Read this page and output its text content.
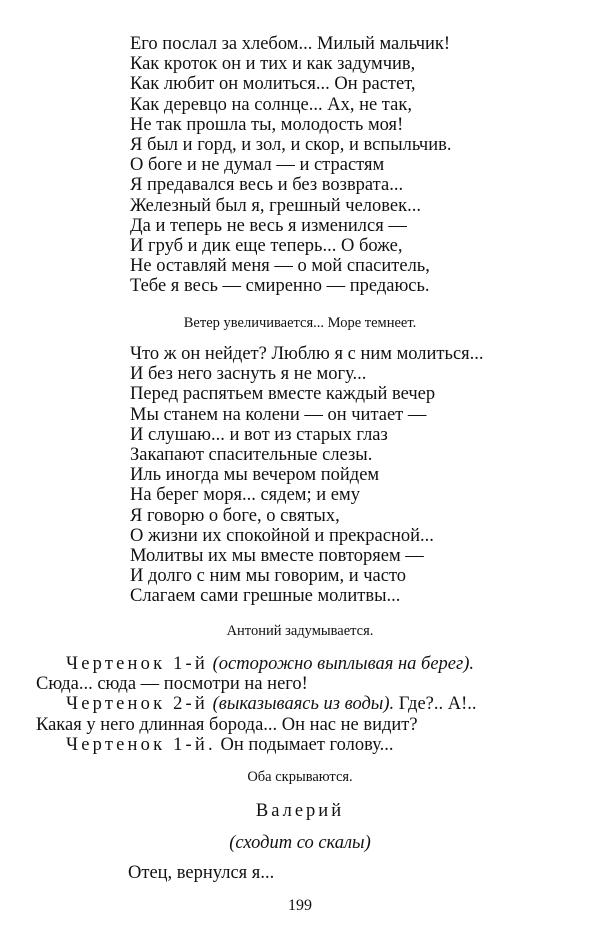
Его послал за хлебом... Милый мальчик!
Как кроток он и тих и как задумчив,
Как любит он молиться... Он растет,
Как деревцо на солнце... Ах, не так,
Не так прошла ты, молодость моя!
Я был и горд, и зол, и скор, и вспыльчив.
О боге и не думал — и страстям
Я предавался весь и без возврата...
Железный был я, грешный человек...
Да и теперь не весь я изменился —
И груб и дик еще теперь... О боже,
Не оставляй меня — о мой спаситель,
Тебе я весь — смиренно — предаюсь.
Ветер увеличивается... Море темнеет.
Что ж он нейдет? Люблю я с ним молиться...
И без него заснуть я не могу...
Перед распятьем вместе каждый вечер
Мы станем на колени — он читает —
И слушаю... и вот из старых глаз
Закапают спасительные слезы.
Иль иногда мы вечером пойдем
На берег моря... сядем; и ему
Я говорю о боге, о святых,
О жизни их спокойной и прекрасной...
Молитвы их мы вместе повторяем —
И долго с ним мы говорим, и часто
Слагаем сами грешные молитвы...
Антоний задумывается.
Чертенок 1-й (осторожно выплывая на берег).
Сюда... сюда — посмотри на него!
Чертенок 2-й (выказываясь из воды). Где?.. А!..
Какая у него длинная борода... Он нас не видит?
Чертенок 1-й. Он подымает голову...
Оба скрываются.
Валерий
(сходит со скалы)
Отец, вернулся я...
199
